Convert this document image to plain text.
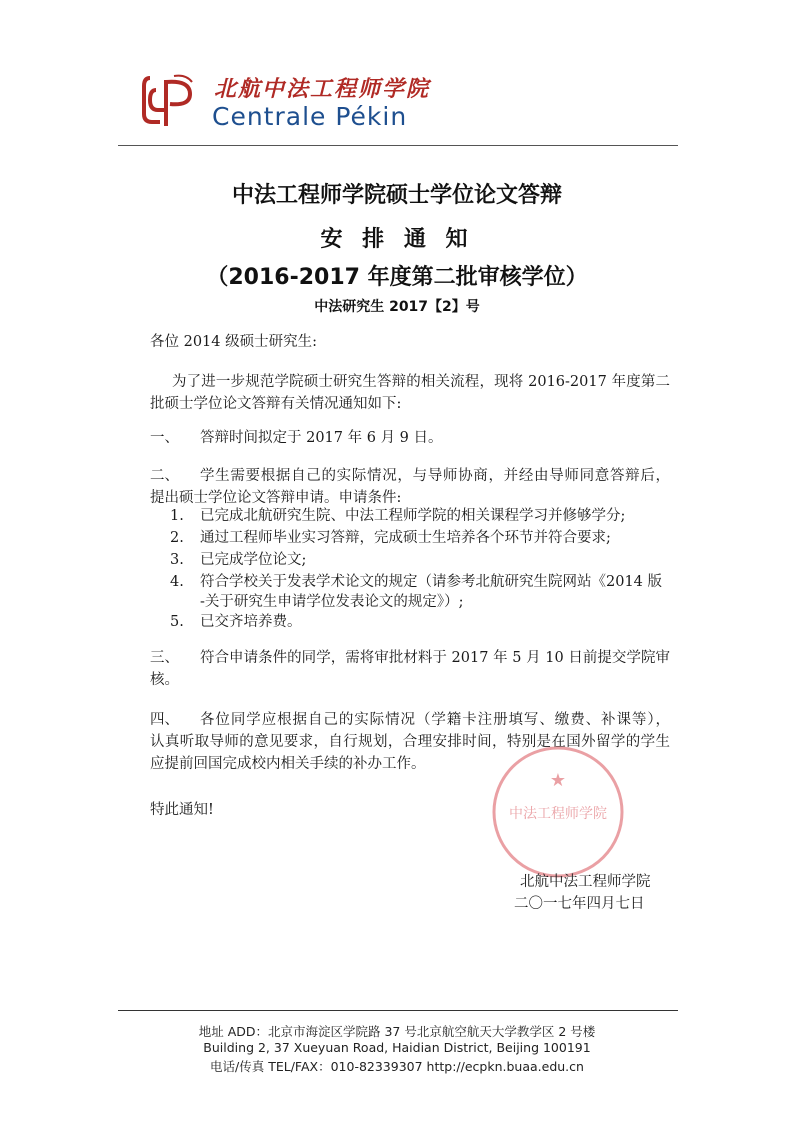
北航中法工程师学院
Centrale Pékin
中法工程师学院硕士学位论文答辩
安 排 通 知
（2016-2017 年度第二批审核学位）
中法研究生 2017【2】号
各位 2014 级硕士研究生:
为了进一步规范学院硕士研究生答辩的相关流程，现将 2016-2017 年度第二
批硕士学位论文答辩有关情况通知如下:
一、 答辩时间拟定于 2017 年 6 月 9 日。
二、 学生需要根据自己的实际情况，与导师协商，并经由导师同意答辩后，
提出硕士学位论文答辩申请。申请条件:
1. 已完成北航研究生院、中法工程师学院的相关课程学习并修够学分;
2. 通过工程师毕业实习答辩，完成硕士生培养各个环节并符合要求;
3. 已完成学位论文;
4. 符合学校关于发表学术论文的规定（请参考北航研究生院网站《2014 版
-关于研究生申请学位发表论文的规定》）;
5. 已交齐培养费。
三、 符合申请条件的同学，需将审批材料于 2017 年 5 月 10 日前提交学院审
核。
四、 各位同学应根据自己的实际情况（学籍卡注册填写、缴费、补课等），
认真听取导师的意见要求，自行规划，合理安排时间，特别是在国外留学的学生
应提前回国完成校内相关手续的补办工作。
特此通知!	中法工程师学院
★
北航中法工程师学院
二〇一七年四月七日
地址 ADD：北京市海淀区学院路 37 号北京航空航天大学教学区 2 号楼
Building 2, 37 Xueyuan Road, Haidian District, Beijing 100191
电话/传真 TEL/FAX：010-82339307 http://ecpkn.buaa.edu.cn
